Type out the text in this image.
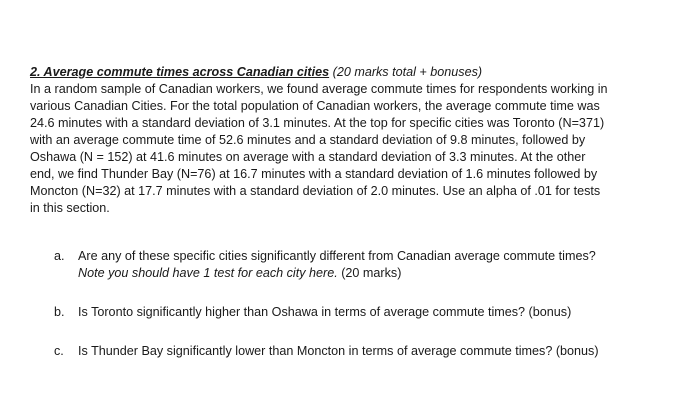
2. Average commute times across Canadian cities (20 marks total + bonuses)

In a random sample of Canadian workers, we found average commute times for respondents working in
various Canadian Cities. For the total population of Canadian workers, the average commute time was
24.6 minutes with a standard deviation of 3.1 minutes. At the top for specific cities was Toronto (N=371)
with an average commute time of 52.6 minutes and a standard deviation of 9.8 minutes, followed by
Oshawa (N = 152) at 41.6 minutes on average with a standard deviation of 3.3 minutes. At the other
end, we find Thunder Bay (N=76) at 16.7 minutes with a standard deviation of 1.6 minutes followed by
Moncton (N=32) at 17.7 minutes with a standard deviation of 2.0 minutes. Use an alpha of .01 for tests
in this section.

a.	Are any of these specific cities significantly different from Canadian average commute times?
Note you should have 1 test for each city here. (20 marks)
b.	Is Toronto significantly higher than Oshawa in terms of average commute times? (bonus)
c.	Is Thunder Bay significantly lower than Moncton in terms of average commute times? (bonus)
